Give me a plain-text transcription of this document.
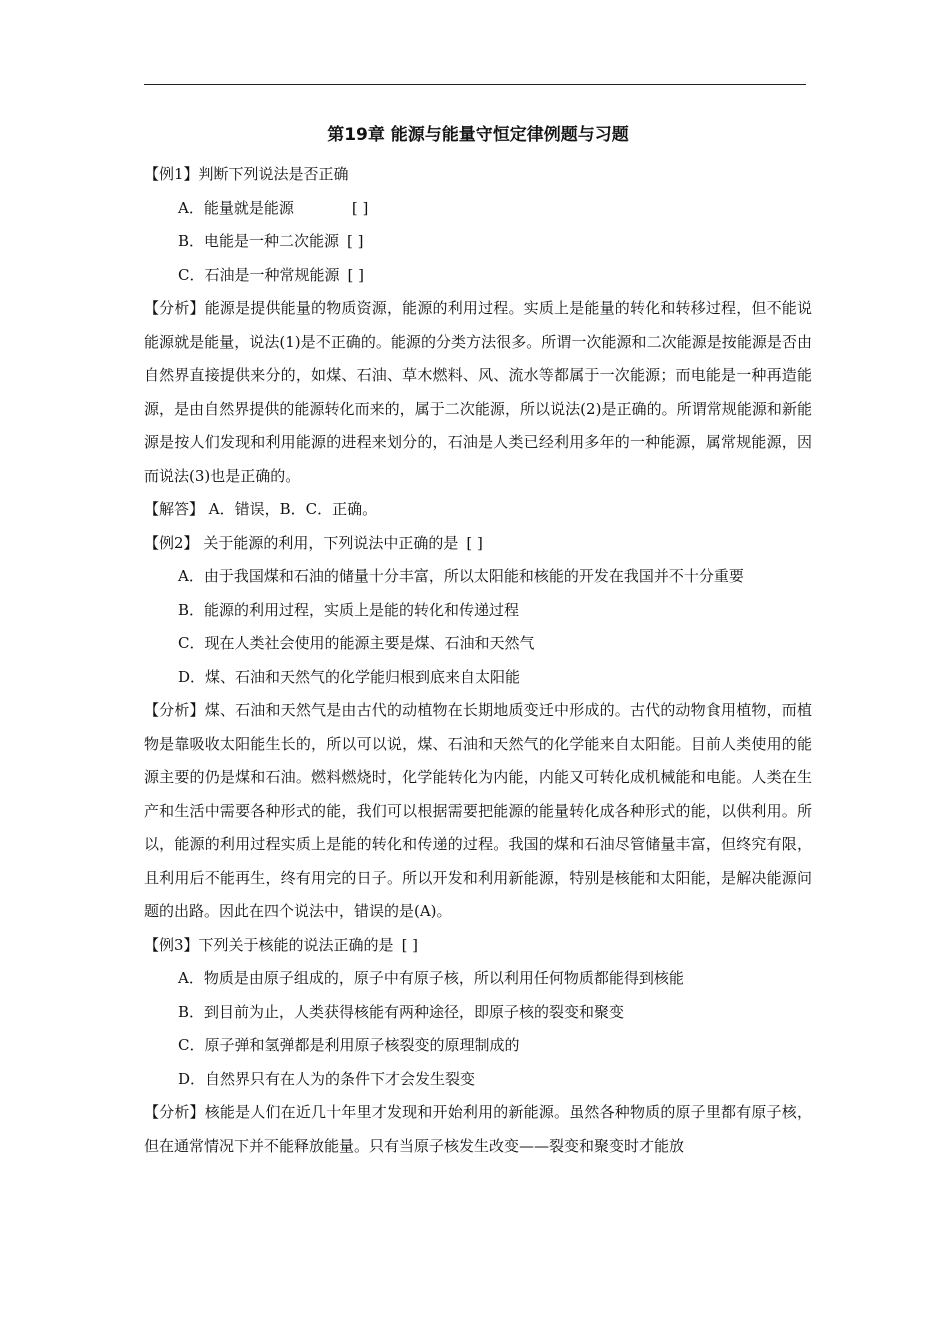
第19章 能源与能量守恒定律例题与习题
【例1】判断下列说法是否正确
A．能量就是能源	[ ]
B．电能是一种二次能源 [ ]
C．石油是一种常规能源 [ ]

【分析】能源是提供能量的物质资源，能源的利用过程。实质上是能量的转化和转移过程，但不能说能源就是能量，说法(1)是不正确的。能源的分类方法很多。所谓一次能源和二次能源是按能源是否由自然界直接提供来分的，如煤、石油、草木燃料、风、流水等都属于一次能源；而电能是一种再造能源，是由自然界提供的能源转化而来的，属于二次能源，所以说法(2)是正确的。所谓常规能源和新能源是按人们发现和利用能源的进程来划分的，石油是人类已经利用多年的一种能源，属常规能源，因而说法(3)也是正确的。

【解答】 A．错误，B．C．正确。
【例2】 关于能源的利用，下列说法中正确的是 [ ]
A．由于我国煤和石油的储量十分丰富，所以太阳能和核能的开发在我国并不十分重要
B．能源的利用过程，实质上是能的转化和传递过程
C．现在人类社会使用的能源主要是煤、石油和天然气
D．煤、石油和天然气的化学能归根到底来自太阳能

【分析】煤、石油和天然气是由古代的动植物在长期地质变迁中形成的。古代的动物食用植物，而植物是靠吸收太阳能生长的，所以可以说，煤、石油和天然气的化学能来自太阳能。目前人类使用的能源主要的仍是煤和石油。燃料燃烧时，化学能转化为内能，内能又可转化成机械能和电能。人类在生产和生活中需要各种形式的能，我们可以根据需要把能源的能量转化成各种形式的能，以供利用。所以，能源的利用过程实质上是能的转化和传递的过程。我国的煤和石油尽管储量丰富，但终究有限，且利用后不能再生，终有用完的日子。所以开发和利用新能源，特别是核能和太阳能，是解决能源问题的出路。因此在四个说法中，错误的是(A)。

【例3】下列关于核能的说法正确的是 [ ]
A．物质是由原子组成的，原子中有原子核，所以利用任何物质都能得到核能
B．到目前为止，人类获得核能有两种途径，即原子核的裂变和聚变
C．原子弹和氢弹都是利用原子核裂变的原理制成的
D．自然界只有在人为的条件下才会发生裂变

【分析】核能是人们在近几十年里才发现和开始利用的新能源。虽然各种物质的原子里都有原子核，但在通常情况下并不能释放能量。只有当原子核发生改变——裂变和聚变时才能放
